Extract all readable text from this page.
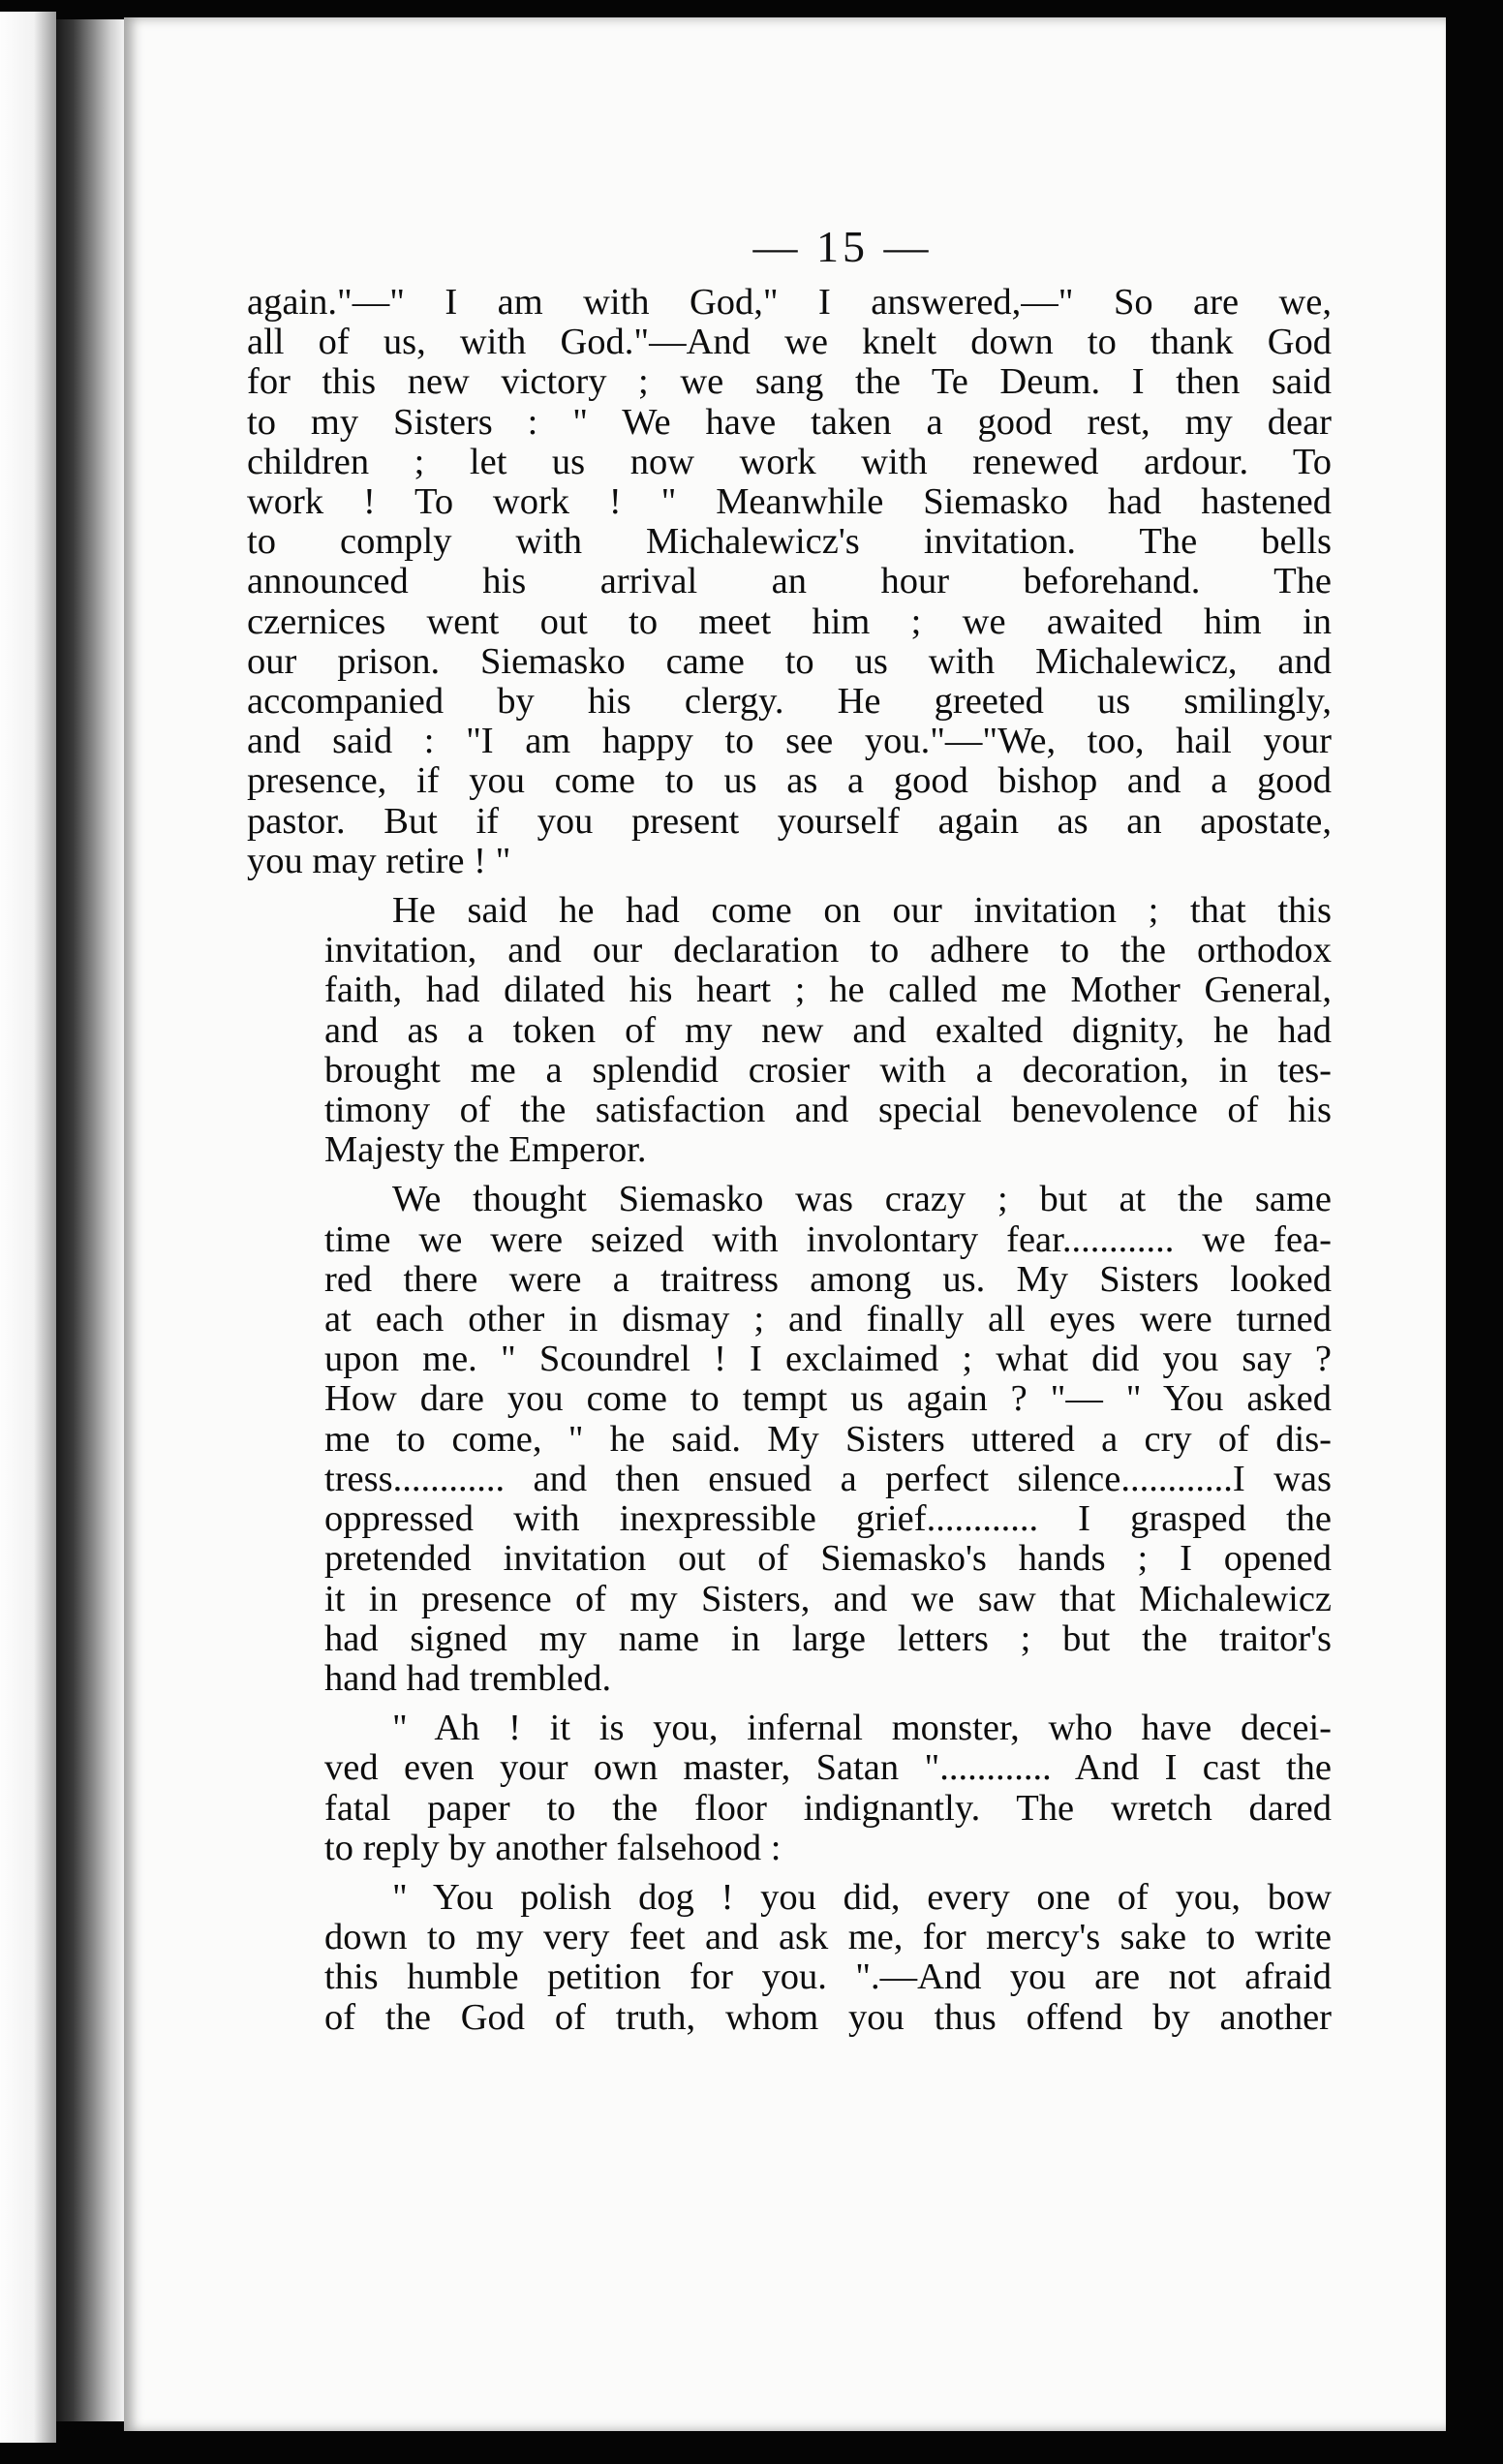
— 15 —

again."—" I am with God," I answered,—" So are we,
all of us, with God."—And we knelt down to thank God
for this new victory ; we sang the Te Deum. I then said
to my Sisters : " We have taken a good rest, my dear
children ; let us now work with renewed ardour. To
work ! To work ! " Meanwhile Siemasko had hastened
to comply with Michalewicz's invitation. The bells
announced his arrival an hour beforehand. The
czernices went out to meet him ; we awaited him in
our prison. Siemasko came to us with Michalewicz, and
accompanied by his clergy. He greeted us smilingly,
and said : "I am happy to see you."—"We, too, hail your
presence, if you come to us as a good bishop and a good
pastor. But if you present yourself again as an apostate,
you may retire ! "

He said he had come on our invitation ; that this
invitation, and our declaration to adhere to the orthodox
faith, had dilated his heart ; he called me Mother General,
and as a token of my new and exalted dignity, he had
brought me a splendid crosier with a decoration, in tes-
timony of the satisfaction and special benevolence of his
Majesty the Emperor.

We thought Siemasko was crazy ; but at the same
time we were seized with involontary fear............ we fea-
red there were a traitress among us. My Sisters looked
at each other in dismay ; and finally all eyes were turned
upon me. " Scoundrel ! I exclaimed ; what did you say ?
How dare you come to tempt us again ? "— " You asked
me to come, " he said. My Sisters uttered a cry of dis-
tress............ and then ensued a perfect silence............I was
oppressed with inexpressible grief............ I grasped the
pretended invitation out of Siemasko's hands ; I opened
it in presence of my Sisters, and we saw that Michalewicz
had signed my name in large letters ; but the traitor's
hand had trembled.

" Ah ! it is you, infernal monster, who have decei-
ved even your own master, Satan "............ And I cast the
fatal paper to the floor indignantly. The wretch dared
to reply by another falsehood :

" You polish dog ! you did, every one of you, bow
down to my very feet and ask me, for mercy's sake to write
this humble petition for you. ".—And you are not afraid
of the God of truth, whom you thus offend by another
